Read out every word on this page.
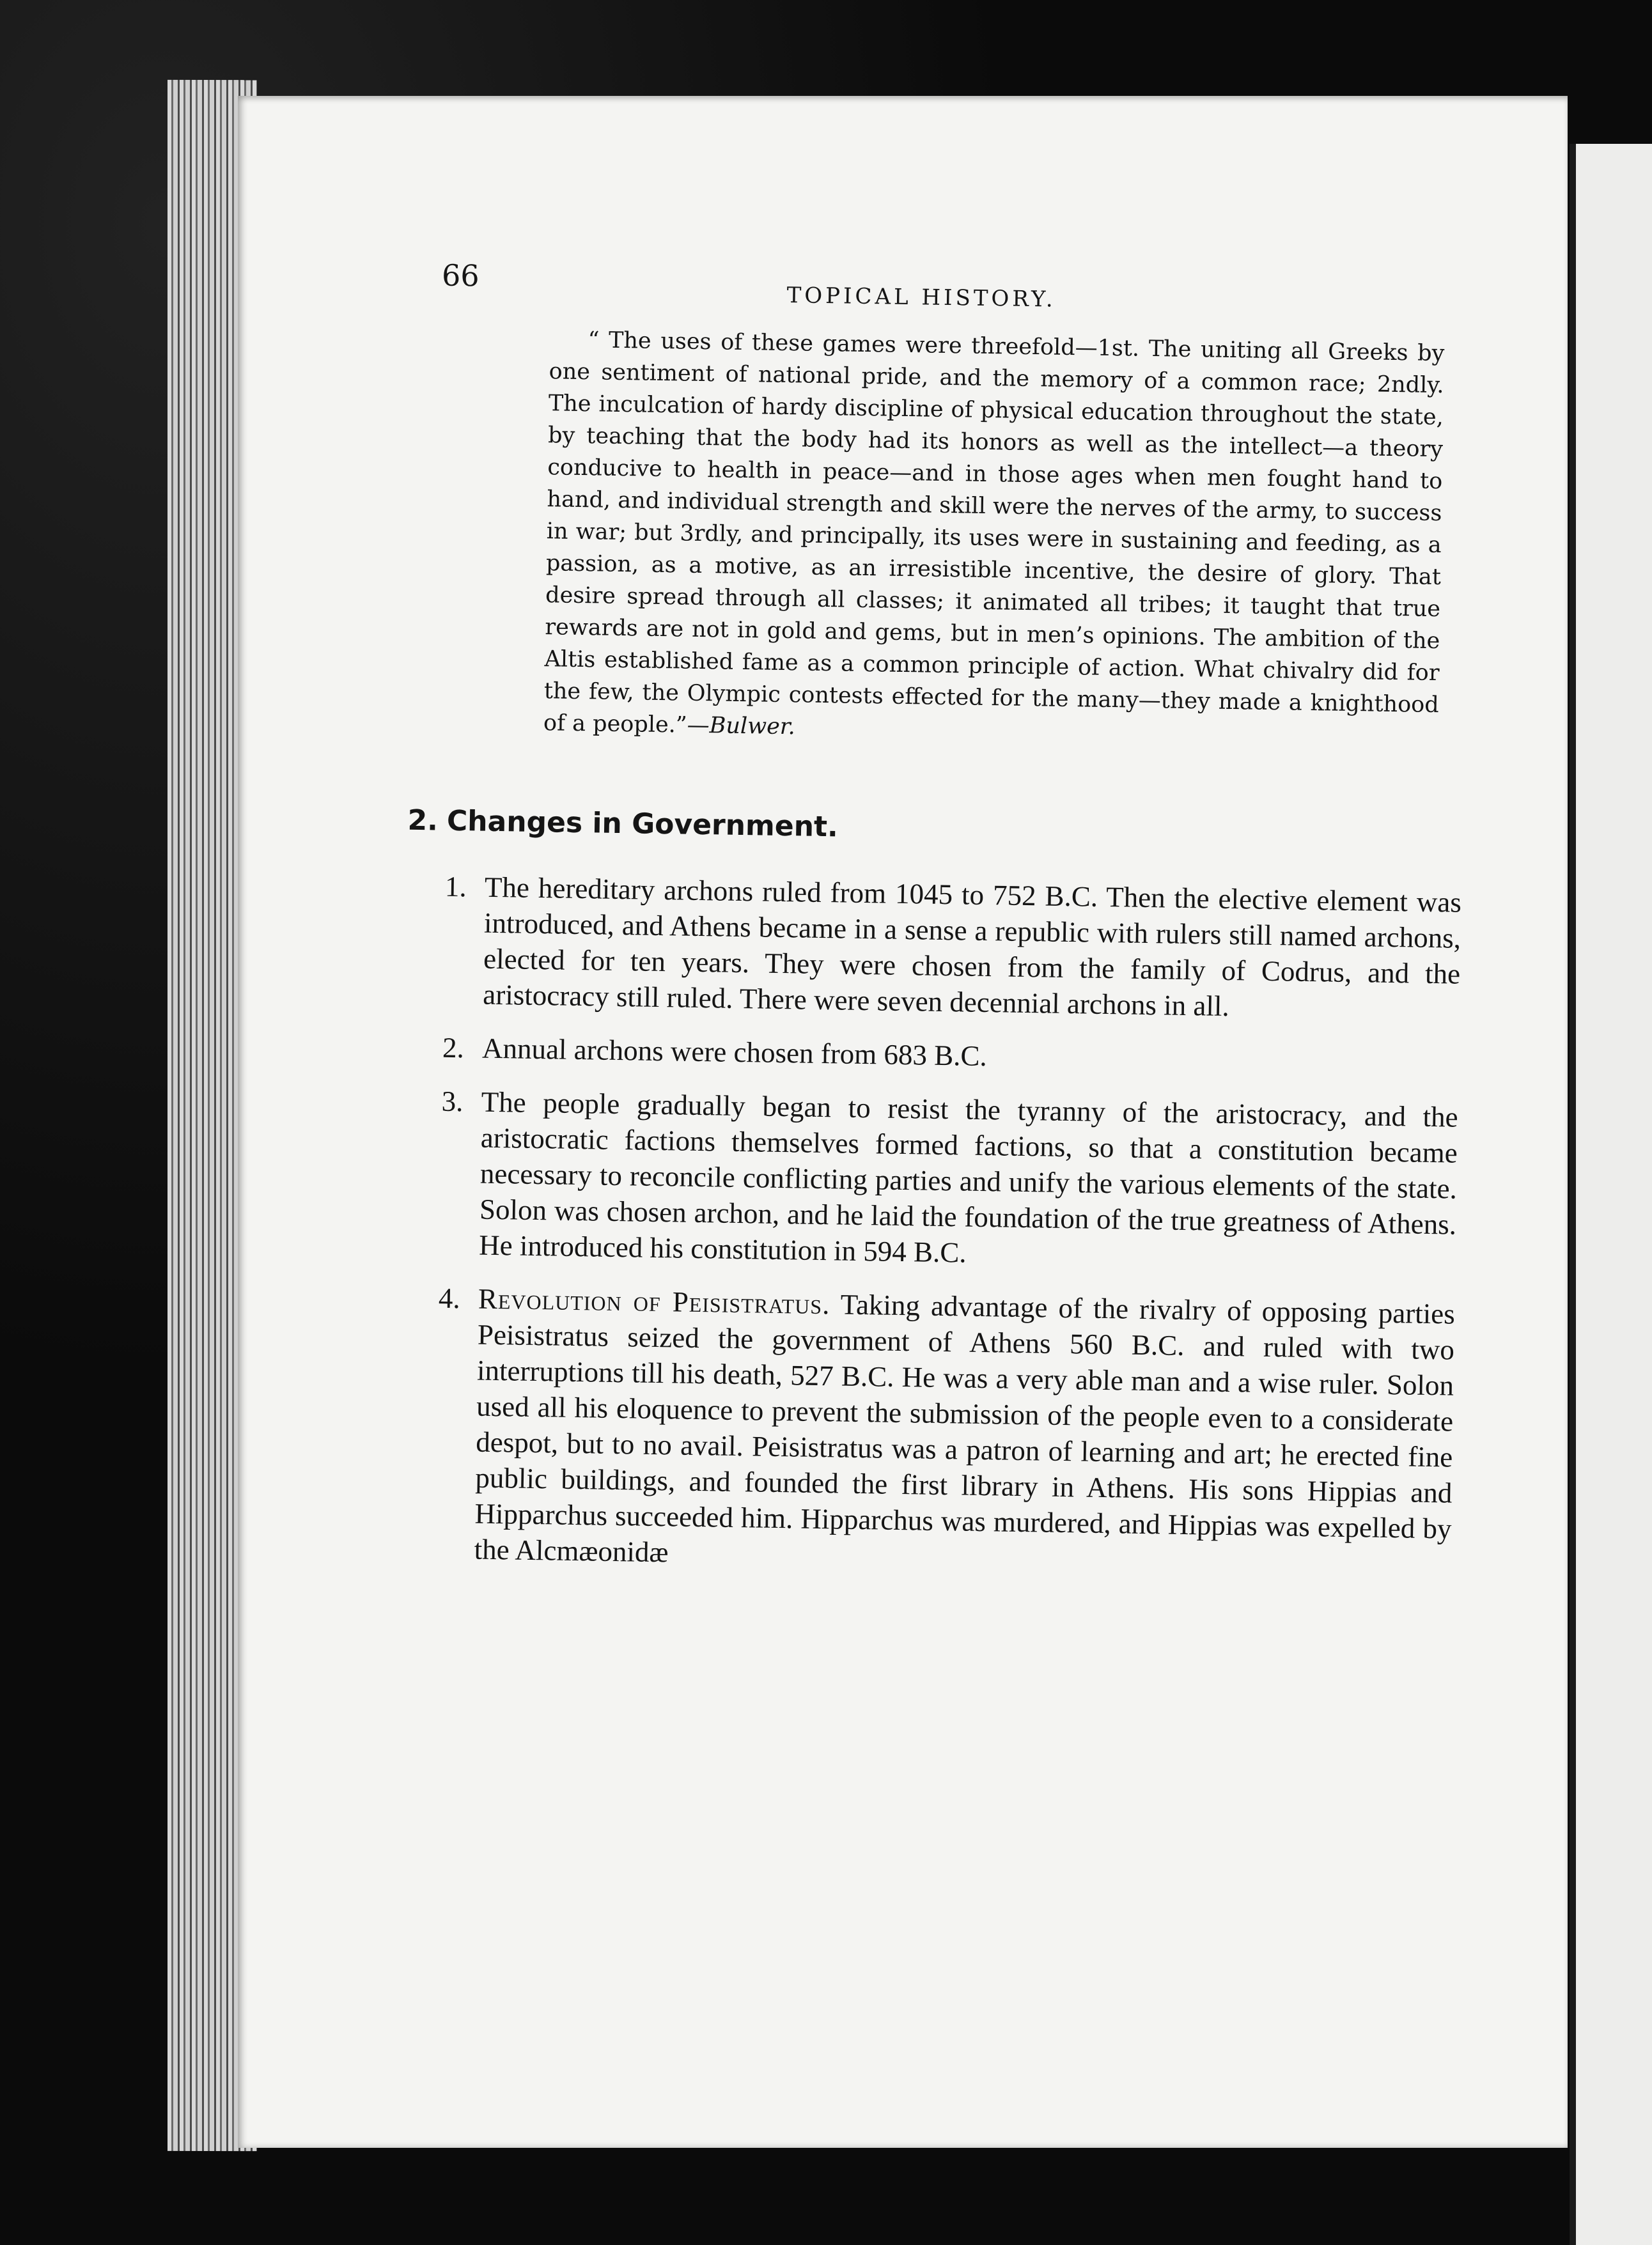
66

TOPICAL HISTORY.

“ The uses of these games were threefold—1st. The uniting all Greeks by one sentiment of national pride, and the memory of a common race; 2ndly. The inculcation of hardy discipline of physical education throughout the state, by teaching that the body had its honors as well as the intellect—a theory conducive to health in peace—and in those ages when men fought hand to hand, and individual strength and skill were the nerves of the army, to success in war; but 3rdly, and principally, its uses were in sustaining and feeding, as a passion, as a motive, as an irresistible incentive, the desire of glory. That desire spread through all classes; it animated all tribes; it taught that true rewards are not in gold and gems, but in men’s opinions. The ambition of the Altis established fame as a common principle of action. What chivalry did for the few, the Olympic contests effected for the many—they made a knighthood of a people.”—Bulwer.

2. Changes in Government.
1. The hereditary archons ruled from 1045 to 752 B.C. Then the elective element was introduced, and Athens became in a sense a republic with rulers still named archons, elected for ten years. They were chosen from the family of Codrus, and the aristocracy still ruled. There were seven decennial archons in all.
2. Annual archons were chosen from 683 B.C.
3. The people gradually began to resist the tyranny of the aristocracy, and the aristocratic factions themselves formed factions, so that a constitution became necessary to reconcile conflicting parties and unify the various elements of the state. Solon was chosen archon, and he laid the foundation of the true greatness of Athens. He introduced his constitution in 594 B.C.
4. Revolution of Peisistratus. Taking advantage of the rivalry of opposing parties Peisistratus seized the government of Athens 560 B.C. and ruled with two interruptions till his death, 527 B.C. He was a very able man and a wise ruler. Solon used all his eloquence to prevent the submission of the people even to a considerate despot, but to no avail. Peisistratus was a patron of learning and art; he erected fine public buildings, and founded the first library in Athens. His sons Hippias and Hipparchus succeeded him. Hipparchus was murdered, and Hippias was expelled by the Alcmæonidæ
